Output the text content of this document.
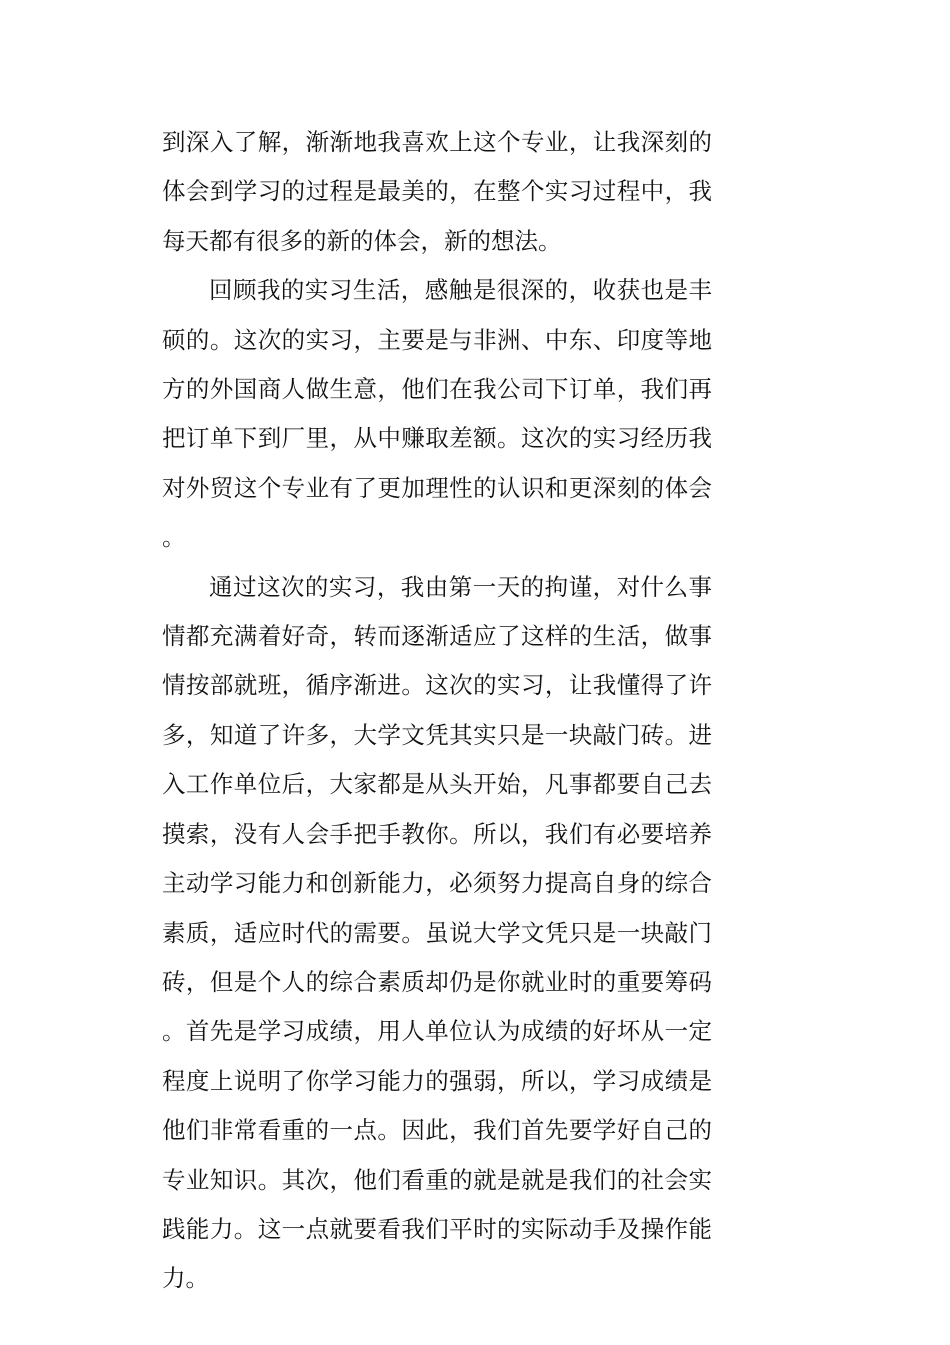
到深入了解，渐渐地我喜欢上这个专业，让我深刻的体会到学习的过程是最美的，在整个实习过程中，我每天都有很多的新的体会，新的想法。

回顾我的实习生活，感触是很深的，收获也是丰硕的。这次的实习，主要是与非洲、中东、印度等地方的外国商人做生意，他们在我公司下订单，我们再把订单下到厂里，从中赚取差额。这次的实习经历我对外贸这个专业有了更加理性的认识和更深刻的体会。

通过这次的实习，我由第一天的拘谨，对什么事情都充满着好奇，转而逐渐适应了这样的生活，做事情按部就班，循序渐进。这次的实习，让我懂得了许多，知道了许多，大学文凭其实只是一块敲门砖。进入工作单位后，大家都是从头开始，凡事都要自己去摸索，没有人会手把手教你。所以，我们有必要培养主动学习能力和创新能力，必须努力提高自身的综合素质，适应时代的需要。虽说大学文凭只是一块敲门砖，但是个人的综合素质却仍是你就业时的重要筹码。首先是学习成绩，用人单位认为成绩的好坏从一定程度上说明了你学习能力的强弱，所以，学习成绩是他们非常看重的一点。因此，我们首先要学好自己的专业知识。其次，他们看重的就是就是我们的社会实践能力。这一点就要看我们平时的实际动手及操作能力。
